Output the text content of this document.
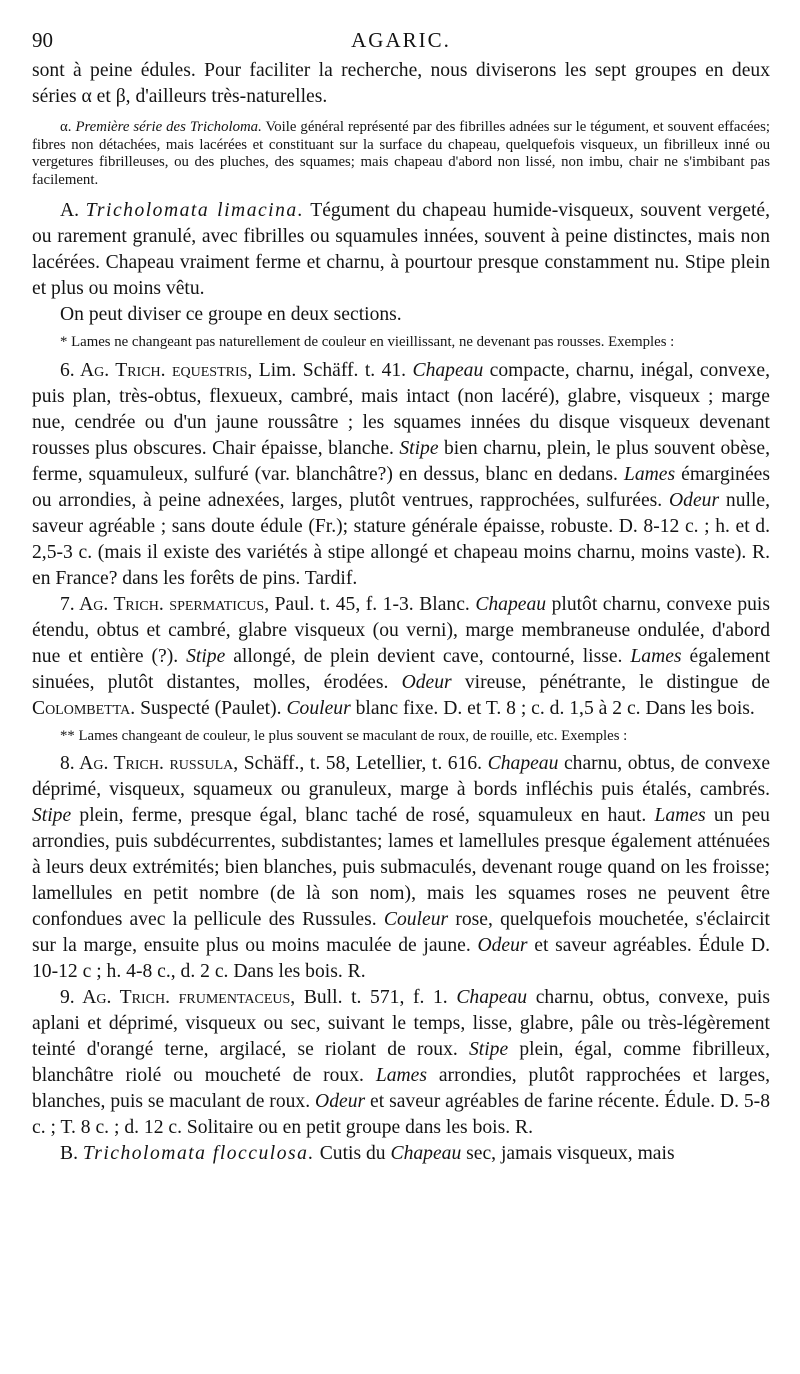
90	AGARIC.

sont à peine édules. Pour faciliter la recherche, nous diviserons les sept groupes en deux séries α et β, d'ailleurs très-naturelles.

α. Première série des Tricholoma. Voile général représenté par des fibrilles adnées sur le tégument, et souvent effacées; fibres non détachées, mais lacérées et constituant sur la surface du chapeau, quelquefois visqueux, un fibrilleux inné ou vergetures fibrilleuses, ou des pluches, des squames; mais chapeau d'abord non lissé, non imbu, chair ne s'imbibant pas facilement.

A. Tricholomata limacina. Tégument du chapeau humide-visqueux, souvent vergeté, ou rarement granulé, avec fibrilles ou squamules innées, souvent à peine distinctes, mais non lacérées. Chapeau vraiment ferme et charnu, à pourtour presque constamment nu. Stipe plein et plus ou moins vêtu.

On peut diviser ce groupe en deux sections.

* Lames ne changeant pas naturellement de couleur en vieillissant, ne devenant pas rousses. Exemples :

6. Ag. Trich. equestris, Lim. Schäff. t. 41. Chapeau compacte, charnu, inégal, convexe, puis plan, très-obtus, flexueux, cambré, mais intact (non lacéré), glabre, visqueux ; marge nue, cendrée ou d'un jaune roussâtre ; les squames innées du disque visqueux devenant rousses plus obscures. Chair épaisse, blanche. Stipe bien charnu, plein, le plus souvent obèse, ferme, squamuleux, sulfuré (var. blanchâtre?) en dessus, blanc en dedans. Lames émarginées ou arrondies, à peine adnexées, larges, plutôt ventrues, rapprochées, sulfurées. Odeur nulle, saveur agréable ; sans doute édule (Fr.); stature générale épaisse, robuste. D. 8-12 c. ; h. et d. 2,5-3 c. (mais il existe des variétés à stipe allongé et chapeau moins charnu, moins vaste). R. en France? dans les forêts de pins. Tardif.

7. Ag. Trich. spermaticus, Paul. t. 45, f. 1-3. Blanc. Chapeau plutôt charnu, convexe puis étendu, obtus et cambré, glabre visqueux (ou verni), marge membraneuse ondulée, d'abord nue et entière (?). Stipe allongé, de plein devient cave, contourné, lisse. Lames également sinuées, plutôt distantes, molles, érodées. Odeur vireuse, pénétrante, le distingue de Colombetta. Suspecté (Paulet). Couleur blanc fixe. D. et T. 8 ; c. d. 1,5 à 2 c. Dans les bois.

** Lames changeant de couleur, le plus souvent se maculant de roux, de rouille, etc. Exemples :

8. Ag. Trich. russula, Schäff., t. 58, Letellier, t. 616. Chapeau charnu, obtus, de convexe déprimé, visqueux, squameux ou granuleux, marge à bords infléchis puis étalés, cambrés. Stipe plein, ferme, presque égal, blanc taché de rosé, squamuleux en haut. Lames un peu arrondies, puis subdécurrentes, subdistantes; lames et lamellules presque également atténuées à leurs deux extrémités; bien blanches, puis submaculés, devenant rouge quand on les froisse; lamellules en petit nombre (de là son nom), mais les squames roses ne peuvent être confondues avec la pellicule des Russules. Couleur rose, quelquefois mouchetée, s'éclaircit sur la marge, ensuite plus ou moins maculée de jaune. Odeur et saveur agréables. Édule D. 10-12 c ; h. 4-8 c., d. 2 c. Dans les bois. R.

9. Ag. Trich. frumentaceus, Bull. t. 571, f. 1. Chapeau charnu, obtus, convexe, puis aplani et déprimé, visqueux ou sec, suivant le temps, lisse, glabre, pâle ou très-légèrement teinté d'orangé terne, argilacé, se riolant de roux. Stipe plein, égal, comme fibrilleux, blanchâtre riolé ou moucheté de roux. Lames arrondies, plutôt rapprochées et larges, blanches, puis se maculant de roux. Odeur et saveur agréables de farine récente. Édule. D. 5-8 c. ; T. 8 c. ; d. 12 c. Solitaire ou en petit groupe dans les bois. R.

B. Tricholomata flocculosa. Cutis du Chapeau sec, jamais visqueux, mais
